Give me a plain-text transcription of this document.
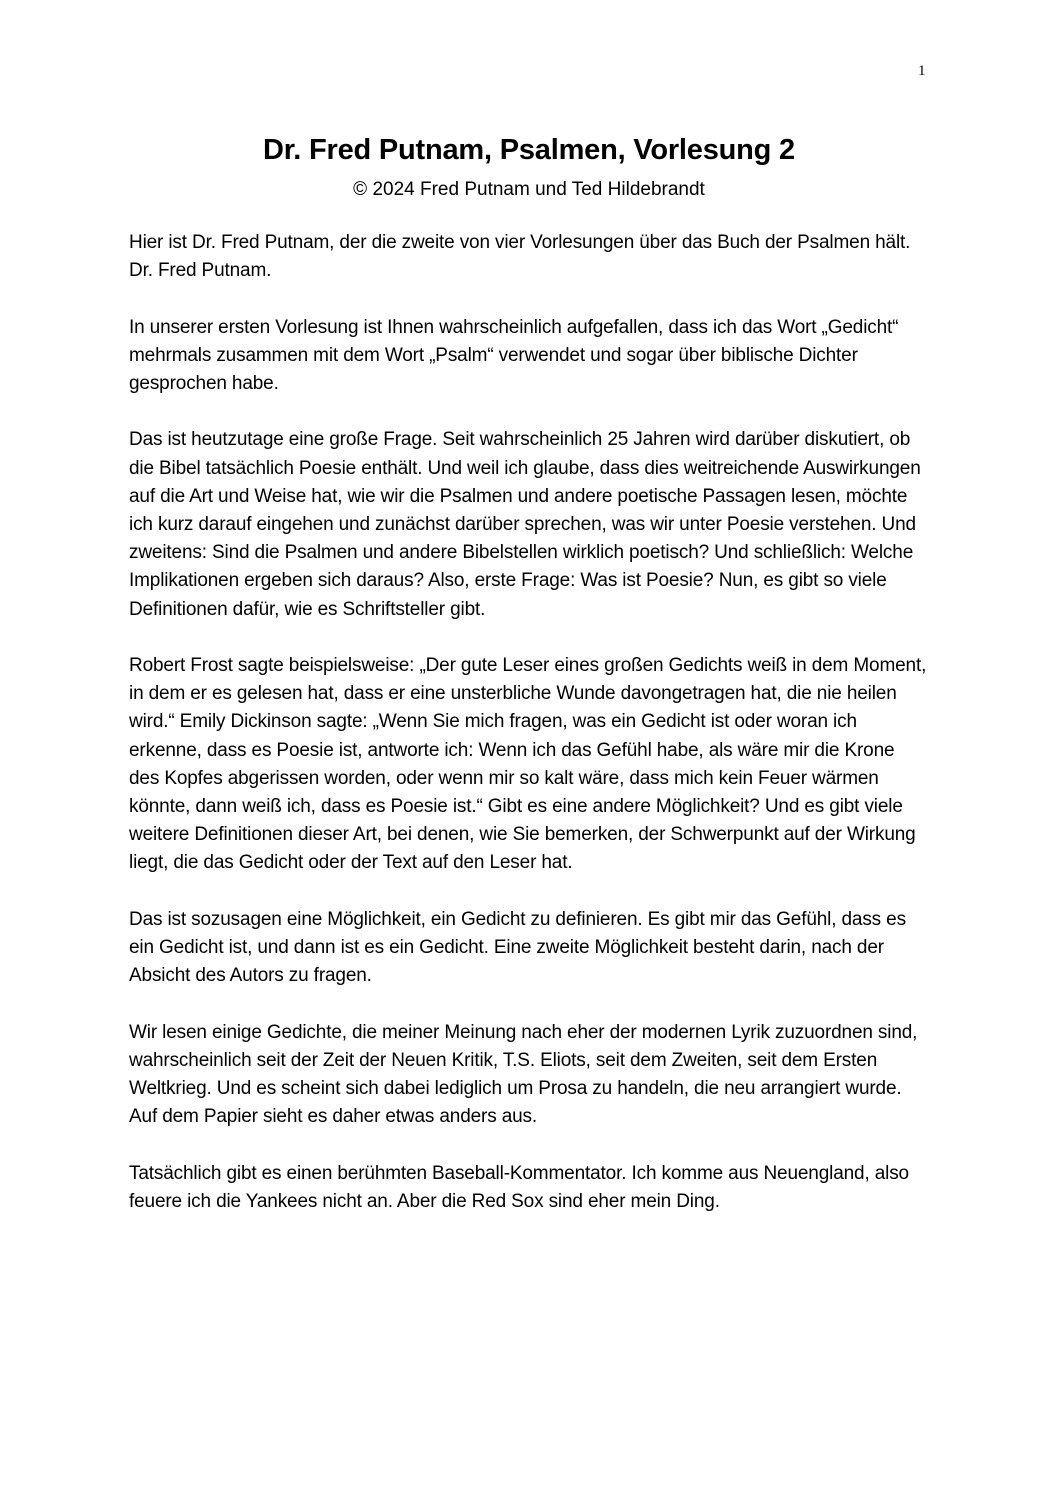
1
Dr. Fred Putnam, Psalmen, Vorlesung 2
© 2024 Fred Putnam und Ted Hildebrandt

Hier ist Dr. Fred Putnam, der die zweite von vier Vorlesungen über das Buch der Psalmen hält. Dr. Fred Putnam.

In unserer ersten Vorlesung ist Ihnen wahrscheinlich aufgefallen, dass ich das Wort „Gedicht“ mehrmals zusammen mit dem Wort „Psalm“ verwendet und sogar über biblische Dichter gesprochen habe.

Das ist heutzutage eine große Frage. Seit wahrscheinlich 25 Jahren wird darüber diskutiert, ob die Bibel tatsächlich Poesie enthält. Und weil ich glaube, dass dies weitreichende Auswirkungen auf die Art und Weise hat, wie wir die Psalmen und andere poetische Passagen lesen, möchte ich kurz darauf eingehen und zunächst darüber sprechen, was wir unter Poesie verstehen. Und zweitens: Sind die Psalmen und andere Bibelstellen wirklich poetisch? Und schließlich: Welche Implikationen ergeben sich daraus? Also, erste Frage: Was ist Poesie? Nun, es gibt so viele Definitionen dafür, wie es Schriftsteller gibt.

Robert Frost sagte beispielsweise: „Der gute Leser eines großen Gedichts weiß in dem Moment, in dem er es gelesen hat, dass er eine unsterbliche Wunde davongetragen hat, die nie heilen wird.“ Emily Dickinson sagte: „Wenn Sie mich fragen, was ein Gedicht ist oder woran ich erkenne, dass es Poesie ist, antworte ich: Wenn ich das Gefühl habe, als wäre mir die Krone des Kopfes abgerissen worden, oder wenn mir so kalt wäre, dass mich kein Feuer wärmen könnte, dann weiß ich, dass es Poesie ist.“ Gibt es eine andere Möglichkeit? Und es gibt viele weitere Definitionen dieser Art, bei denen, wie Sie bemerken, der Schwerpunkt auf der Wirkung liegt, die das Gedicht oder der Text auf den Leser hat.

Das ist sozusagen eine Möglichkeit, ein Gedicht zu definieren. Es gibt mir das Gefühl, dass es ein Gedicht ist, und dann ist es ein Gedicht. Eine zweite Möglichkeit besteht darin, nach der Absicht des Autors zu fragen.

Wir lesen einige Gedichte, die meiner Meinung nach eher der modernen Lyrik zuzuordnen sind, wahrscheinlich seit der Zeit der Neuen Kritik, T.S. Eliots, seit dem Zweiten, seit dem Ersten Weltkrieg. Und es scheint sich dabei lediglich um Prosa zu handeln, die neu arrangiert wurde. Auf dem Papier sieht es daher etwas anders aus.

Tatsächlich gibt es einen berühmten Baseball-Kommentator. Ich komme aus Neuengland, also feuere ich die Yankees nicht an. Aber die Red Sox sind eher mein Ding.
